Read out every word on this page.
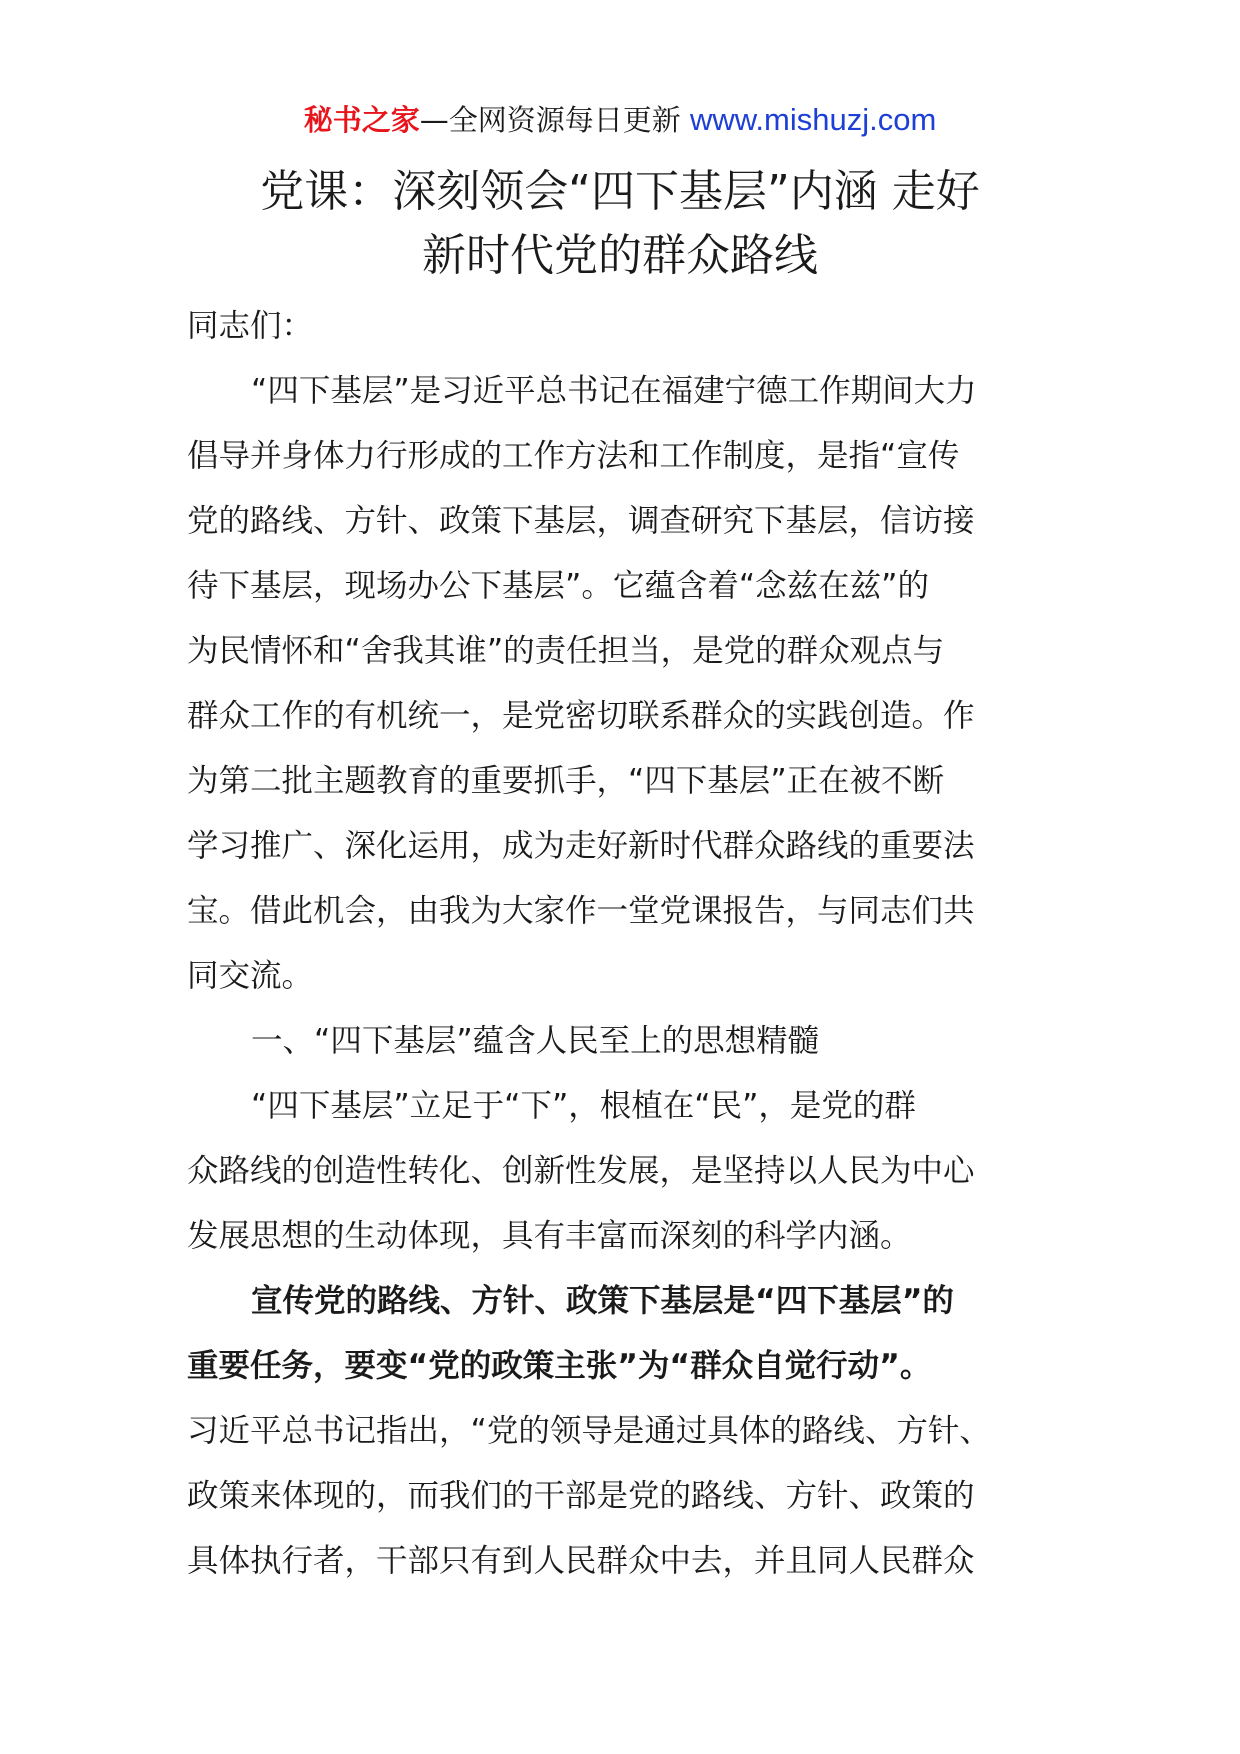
秘书之家—全网资源每日更新 www.mishuzj.com
党课：深刻领会“四下基层”内涵 走好
新时代党的群众路线
同志们：
“四下基层”是习近平总书记在福建宁德工作期间大力
倡导并身体力行形成的工作方法和工作制度，是指“宣传
党的路线、方针、政策下基层，调查研究下基层，信访接
待下基层，现场办公下基层”。它蕴含着“念兹在兹”的
为民情怀和“舍我其谁”的责任担当，是党的群众观点与
群众工作的有机统一，是党密切联系群众的实践创造。作
为第二批主题教育的重要抓手，“四下基层”正在被不断
学习推广、深化运用，成为走好新时代群众路线的重要法
宝。借此机会，由我为大家作一堂党课报告，与同志们共
同交流。
一、“四下基层”蕴含人民至上的思想精髓
“四下基层”立足于“下”，根植在“民”，是党的群
众路线的创造性转化、创新性发展，是坚持以人民为中心
发展思想的生动体现，具有丰富而深刻的科学内涵。
宣传党的路线、方针、政策下基层是“四下基层”的
重要任务，要变“党的政策主张”为“群众自觉行动”。
习近平总书记指出，“党的领导是通过具体的路线、方针、
政策来体现的，而我们的干部是党的路线、方针、政策的
具体执行者，干部只有到人民群众中去，并且同人民群众
